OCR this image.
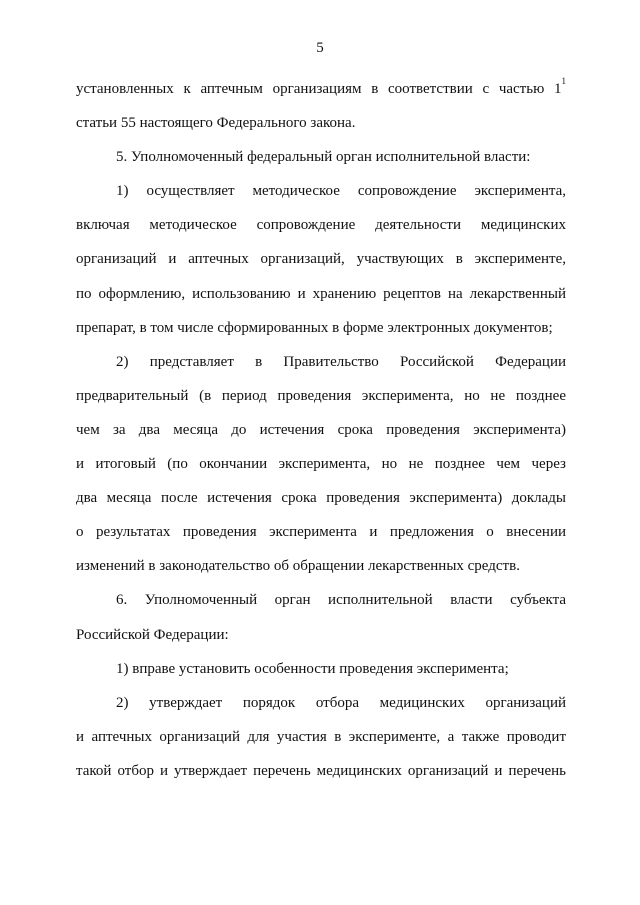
5
установленных к аптечным организациям в соответствии с частью $1^1$
статьи 55 настоящего Федерального закона.
5. Уполномоченный федеральный орган исполнительной власти:
1) осуществляет методическое сопровождение эксперимента,
включая методическое сопровождение деятельности медицинских
организаций и аптечных организаций, участвующих в эксперименте,
по оформлению, использованию и хранению рецептов на лекарственный
препарат, в том числе сформированных в форме электронных документов;
2) представляет в Правительство Российской Федерации
предварительный (в период проведения эксперимента, но не позднее
чем за два месяца до истечения срока проведения эксперимента)
и итоговый (по окончании эксперимента, но не позднее чем через
два месяца после истечения срока проведения эксперимента) доклады
о результатах проведения эксперимента и предложения о внесении
изменений в законодательство об обращении лекарственных средств.
6. Уполномоченный орган исполнительной власти субъекта
Российской Федерации:
1) вправе установить особенности проведения эксперимента;
2) утверждает порядок отбора медицинских организаций
и аптечных организаций для участия в эксперименте, а также проводит
такой отбор и утверждает перечень медицинских организаций и перечень
